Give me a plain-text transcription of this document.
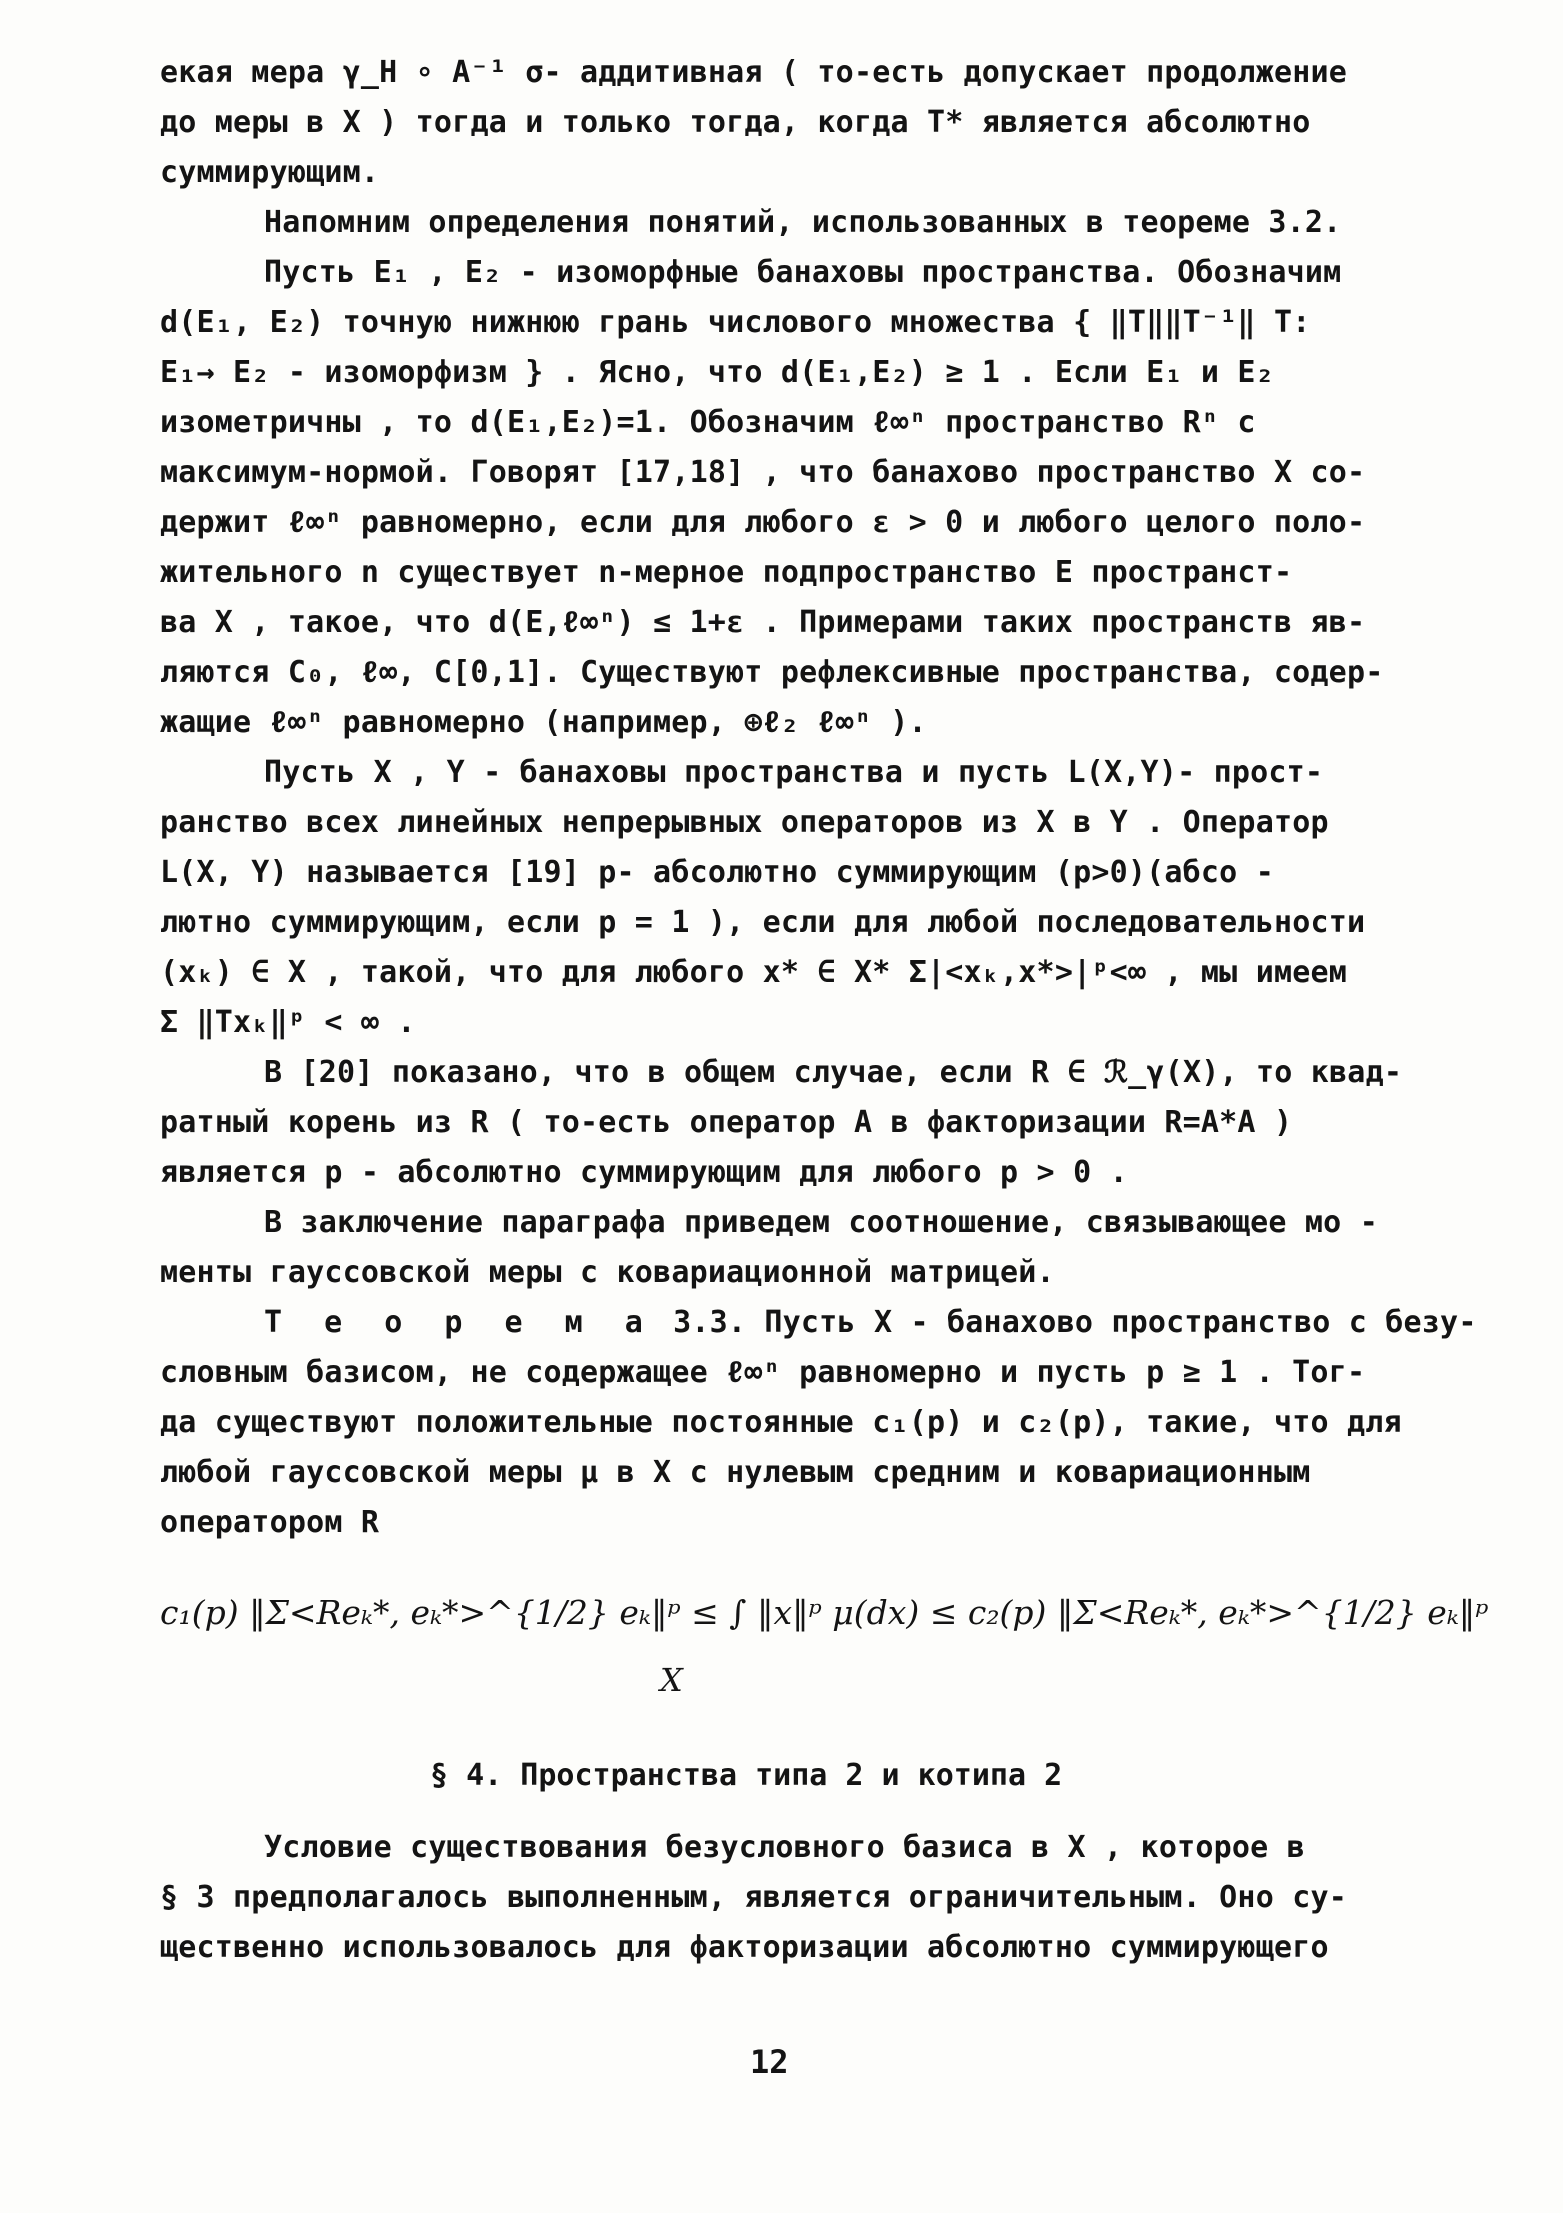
екая мера γ_H ∘ A⁻¹ σ- аддитивная ( то-есть допускает продолжение
до меры в X ) тогда и только тогда, когда T* является абсолютно
суммирующим.
Напомним определения понятий, использованных в теореме 3.2.
Пусть E₁ , E₂ - изоморфные банаховы пространства. Обозначим
d(E₁, E₂) точную нижнюю грань числового множества { ‖T‖‖T⁻¹‖ T:
E₁→ E₂ - изоморфизм } . Ясно, что d(E₁,E₂) ≥ 1 . Если E₁ и E₂
изометричны , то d(E₁,E₂)=1. Обозначим ℓ∞ⁿ пространство Rⁿ с
максимум-нормой. Говорят [17,18] , что банахово пространство X со-
держит ℓ∞ⁿ равномерно, если для любого ε > 0 и любого целого поло-
жительного n существует n-мерное подпространство E пространст-
ва X , такое, что d(E,ℓ∞ⁿ) ≤ 1+ε . Примерами таких пространств яв-
ляются C₀, ℓ∞, C[0,1]. Существуют рефлексивные пространства, содер-
жащие ℓ∞ⁿ равномерно (например, ⊕ℓ₂ ℓ∞ⁿ ).
Пусть X , Y - банаховы пространства и пусть L(X,Y)- прост-
ранство всех линейных непрерывных операторов из X в Y . Оператор
L(X, Y) называется [19] p- абсолютно суммирующим (p>0)(абсо -
лютно суммирующим, если p = 1 ), если для любой последовательности
(xₖ) ∈ X , такой, что для любого x* ∈ X* Σ|<xₖ,x*>|ᵖ<∞ , мы имеем
Σ ‖Txₖ‖ᵖ < ∞ .
В [20] показано, что в общем случае, если R ∈ ℛ_γ(X), то квад-
ратный корень из R ( то-есть оператор A в факторизации R=A*A )
является p - абсолютно суммирующим для любого p > 0 .
В заключение параграфа приведем соотношение, связывающее мо -
менты гауссовской меры с ковариационной матрицей.
Т е о р е м а 3.3. Пусть X - банахово пространство с безу-
словным базисом, не содержащее ℓ∞ⁿ равномерно и пусть p ≥ 1 . Тог-
да существуют положительные постоянные c₁(p) и c₂(p), такие, что для
любой гауссовской меры μ в X с нулевым средним и ковариационным
оператором R
c₁(p) ‖Σ<Reₖ*, eₖ*>^{1/2} eₖ‖ᵖ ≤ ∫ ‖x‖ᵖ μ(dx) ≤ c₂(p) ‖Σ<Reₖ*, eₖ*>^{1/2} eₖ‖ᵖ
X
§ 4. Пространства типа 2 и котипа 2
Условие существования безусловного базиса в X , которое в
§ 3 предполагалось выполненным, является ограничительным. Оно су-
щественно использовалось для факторизации абсолютно суммирующего
12
